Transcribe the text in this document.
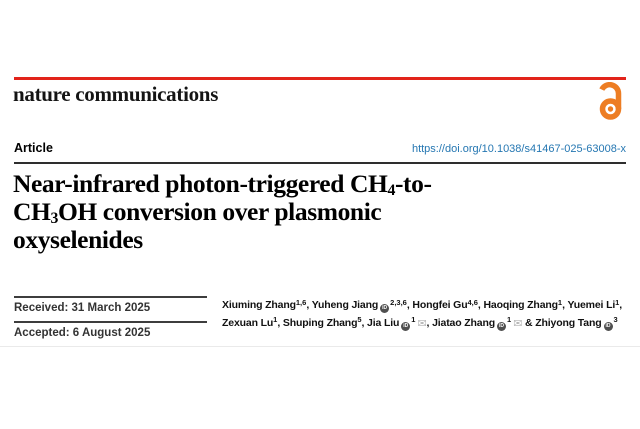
nature communications
Article	https://doi.org/10.1038/s41467-025-63008-x
Near-infrared photon-triggered $CH_4-to-$
$CH_3OH$ conversion over plasmonic
oxyselenides
Received: 31 March 2025
Accepted: 6 August 2025
Xiuming Zhang$^{1,6}$, Yuheng Jiang iD$^{2,3,6}$, Hongfei Gu$^{4,6}$, Haoqing Zhang$^1$, Yuemei Li$^1$,
Zexuan Lu$^1$, Shuping Zhang$^5$, Jia Liu $iD^1$ ✉, Jiatao Zhang $iD^1$ ✉ & Zhiyong Tang $iD^3$
